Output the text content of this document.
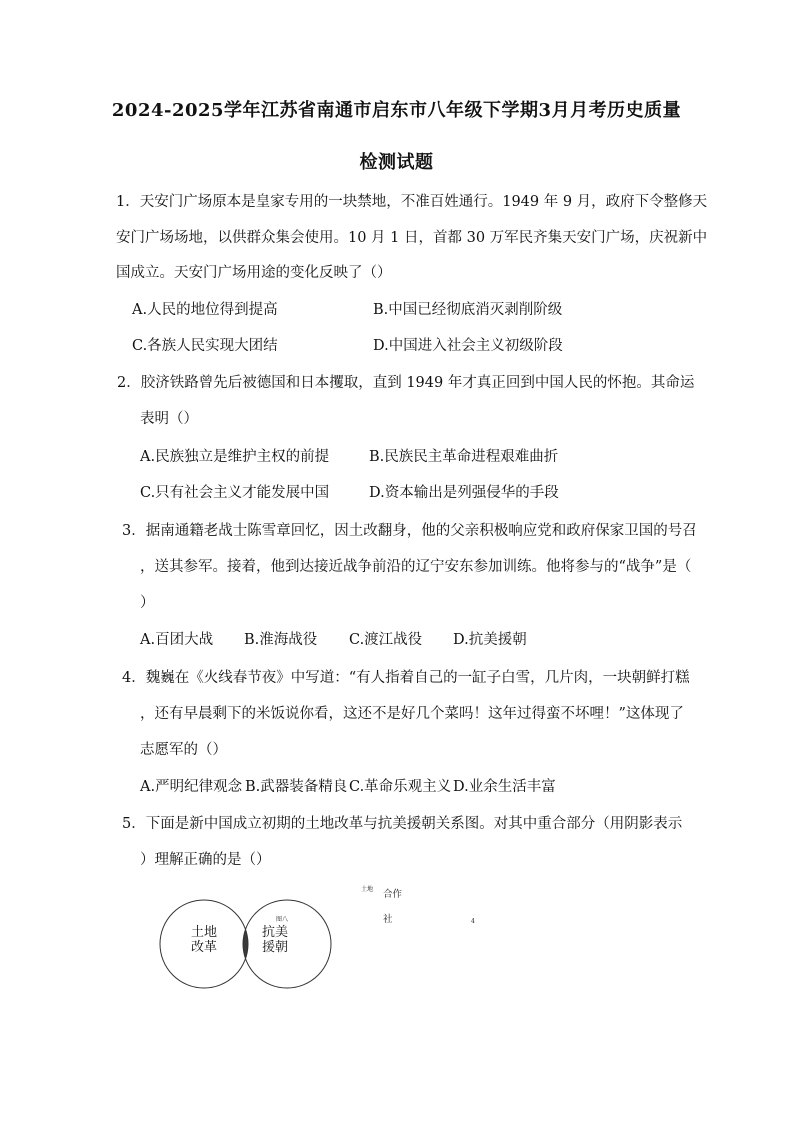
2024-2025学年江苏省南通市启东市八年级下学期3月月考历史质量
检测试题
1．天安门广场原本是皇家专用的一块禁地，不准百姓通行。1949 年 9 月，政府下令整修天
安门广场场地，以供群众集会使用。10 月 1 日，首都 30 万军民齐集天安门广场，庆祝新中
国成立。天安门广场用途的变化反映了（）
A.人民的地位得到提高	B.中国已经彻底消灭剥削阶级
C.各族人民实现大团结	D.中国进入社会主义初级阶段
2．胶济铁路曾先后被德国和日本攫取，直到 1949 年才真正回到中国人民的怀抱。其命运
表明（）
A.民族独立是维护主权的前提	B.民族民主革命进程艰难曲折
C.只有社会主义才能发展中国	D.资本输出是列强侵华的手段
3．据南通籍老战士陈雪章回忆，因土改翻身，他的父亲积极响应党和政府保家卫国的号召
，送其参军。接着，他到达接近战争前沿的辽宁安东参加训练。他将参与的“战争”是（
）
A.百团大战 B.淮海战役 C.渡江战役 D.抗美援朝
4．魏巍在《火线春节夜》中写道：“有人指着自己的一缸子白雪，几片肉，一块朝鲜打糕
，还有早晨剩下的米饭说你看，这还不是好几个菜吗！这年过得蛮不坏哩！”这体现了
志愿军的（）
A.严明纪律观念 B.武器装备精良 C.革命乐观主义 D.业余生活丰富
5．下面是新中国成立初期的土地改革与抗美援朝关系图。对其中重合部分（用阴影表示
）理解正确的是（）
土地
改革
抗美
援朝
土地 合作
社
图八	4
